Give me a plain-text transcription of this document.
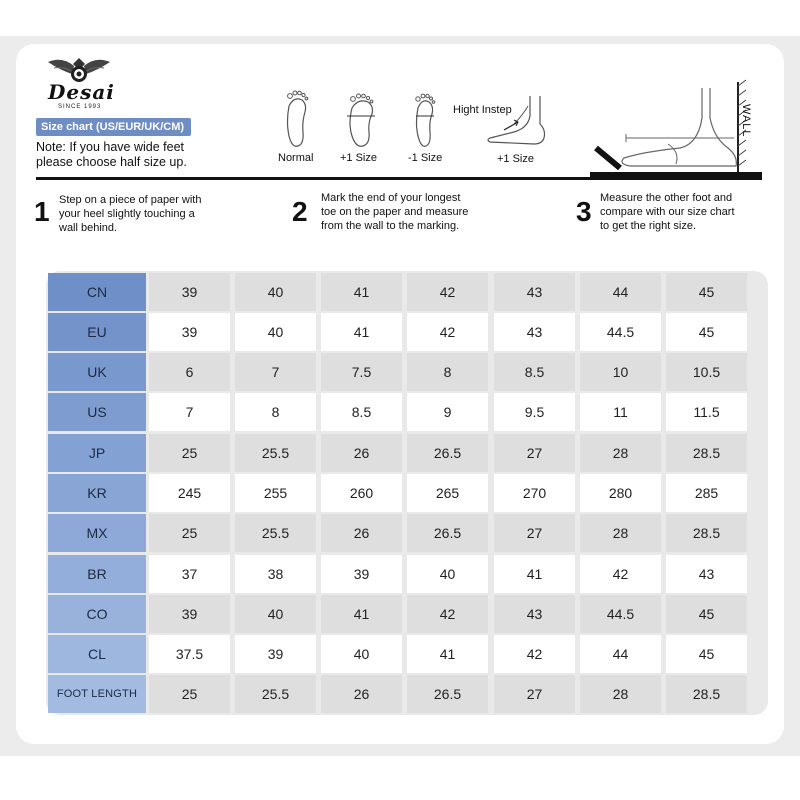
Desai
SINCE 1993
Size chart (US/EUR/UK/CM)
Note: If you have wide feet
please choose half size up.	Normal +1 Size	-1 Size
Hight Instep
+1 Size
WALL
1 Step on a piece of paper with
your heel slightly touching a
wall behind.
2 Mark the end of your longest
toe on the paper and measure
from the wall to the marking.	3 Measure the other foot and
compare with our size chart
to get the right size.
CN	39	40	41	42	43	44	45
EU	39	40	41	42	43	44.5	45
UK	6	7	7.5	8	8.5	10	10.5
US	7	8	8.5	9	9.5	11	11.5
JP	25	25.5	26	26.5	27	28	28.5
KR	245	255	260	265	270	280	285
MX	25	25.5	26	26.5	27	28	28.5
BR	37	38	39	40	41	42	43
CO	39	40	41	42	43	44.5	45
CL	37.5	39	40	41	42	44	45
FOOT LENGTH	25	25.5	26	26.5	27	28	28.5
